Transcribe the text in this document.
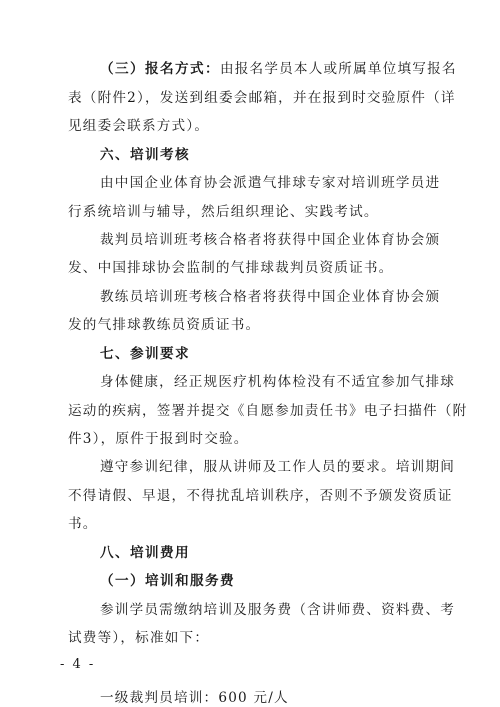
（三）报名方式：由报名学员本人或所属单位填写报名
表（附件2），发送到组委会邮箱，并在报到时交验原件（详
见组委会联系方式）。
六、培训考核
由中国企业体育协会派遣气排球专家对培训班学员进
行系统培训与辅导，然后组织理论、实践考试。
裁判员培训班考核合格者将获得中国企业体育协会颁
发、中国排球协会监制的气排球裁判员资质证书。
教练员培训班考核合格者将获得中国企业体育协会颁
发的气排球教练员资质证书。
七、参训要求
身体健康，经正规医疗机构体检没有不适宜参加气排球
运动的疾病，签署并提交《自愿参加责任书》电子扫描件（附
件3），原件于报到时交验。
遵守参训纪律，服从讲师及工作人员的要求。培训期间
不得请假、早退，不得扰乱培训秩序，否则不予颁发资质证
书。
八、培训费用
（一）培训和服务费
参训学员需缴纳培训及服务费（含讲师费、资料费、考
试费等），标准如下：
一级裁判员培训：600 元/人
- 4 -
